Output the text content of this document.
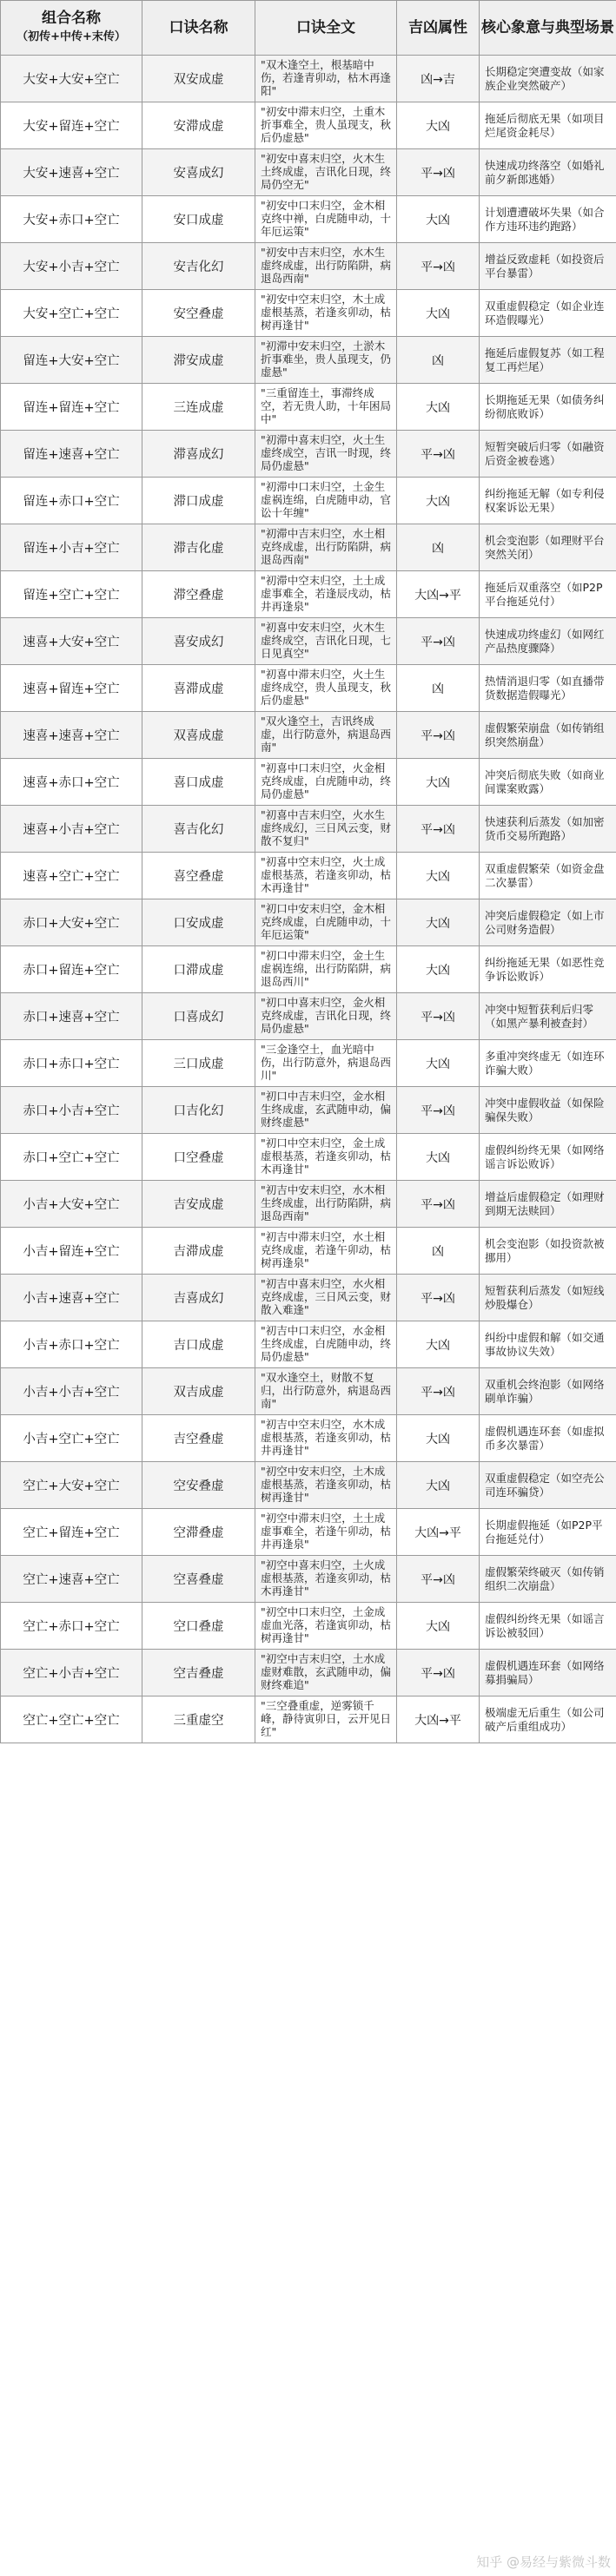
组合名称
（初传+中传+末传）	口诀名称	口诀全文	吉凶属性	核心象意与典型场景
大安+大安+空亡	双安成虚	"双木逢空土，根基暗中伤，若逢青卯动，枯木再逢阳"	凶→吉	长期稳定突遭变故（如家族企业突然破产）
大安+留连+空亡	安滞成虚	"初安中滞末归空，土重木折事难全，贵人虽现支，秋后仍虚悬"	大凶	拖延后彻底无果（如项目烂尾资金耗尽）
大安+速喜+空亡	安喜成幻	"初安中喜末归空，火木生土终成虚，吉讯化日现，终局仍空无"	平→凶	快速成功终落空（如婚礼前夕新郎逃婚）
大安+赤口+空亡	安口成虚	"初安中口末归空，金木相克终中禅，白虎随申动，十年厄运策"	大凶	计划遭遭破坏失果（如合作方违环违约跑路）
大安+小吉+空亡	安吉化幻	"初安中吉末归空，水木生虚终成虚，出行防陷阱，病退岛西南"	平→凶	增益反致虚耗（如投资后平台暴雷）
大安+空亡+空亡	安空叠虚	"初安中空末归空，木土成虚根基蒸，若逢亥卯动，枯树再逢甘"	大凶	双重虚假稳定（如企业连环造假曝光）
留连+大安+空亡	滞安成虚	"初滞中安末归空，土淤木折事难坐，贵人虽现支，仍虚悬"	凶	拖延后虚假复苏（如工程复工再烂尾）
留连+留连+空亡	三连成虚	"三重留连土，事滞终成空，若无贵人助，十年困局中"	大凶	长期拖延无果（如债务纠纷彻底败诉）
留连+速喜+空亡	滞喜成幻	"初滞中喜末归空，火土生虚终成空，吉讯一时现，终局仍虚悬"	平→凶	短暂突破后归零（如融资后资金被卷逃）
留连+赤口+空亡	滞口成虚	"初滞中口末归空，土金生虚祸连绵，白虎随申动，官讼十年缠"	大凶	纠纷拖延无解（如专利侵权案诉讼无果）
留连+小吉+空亡	滞吉化虚	"初滞中吉末归空，水土相克终成虚，出行防陷阱，病退岛西南"	凶	机会变泡影（如理财平台突然关闭）
留连+空亡+空亡	滞空叠虚	"初滞中空末归空，土土成虚事难全，若逢辰戌动，枯井再逢泉"	大凶→平	拖延后双重落空（如P2P平台拖延兑付）
速喜+大安+空亡	喜安成幻	"初喜中安末归空，火木生虚终成空，吉讯化日现，七日见真空"	平→凶	快速成功终虚幻（如网红产品热度骤降）
速喜+留连+空亡	喜滞成虚	"初喜中滞末归空，火土生虚终成空，贵人虽现支，秋后仍虚悬"	凶	热情消退归零（如直播带货数据造假曝光）
速喜+速喜+空亡	双喜成虚	"双火逢空土，吉讯终成虚，出行防意外，病退岛西南"	平→凶	虚假繁荣崩盘（如传销组织突然崩盘）
速喜+赤口+空亡	喜口成虚	"初喜中口末归空，火金相克终成虚，白虎随申动，终局仍虚悬"	大凶	冲突后彻底失败（如商业间谍案败露）
速喜+小吉+空亡	喜吉化幻	"初喜中吉末归空，火水生虚终成幻，三日风云变，财散不复归"	平→凶	快速获利后蒸发（如加密货币交易所跑路）
速喜+空亡+空亡	喜空叠虚	"初喜中空末归空，火土成虚根基蒸，若逢亥卯动，枯木再逢甘"	大凶	双重虚假繁荣（如资金盘二次暴雷）
赤口+大安+空亡	口安成虚	"初口中安末归空，金木相克终成虚，白虎随申动，十年厄运策"	大凶	冲突后虚假稳定（如上市公司财务造假）
赤口+留连+空亡	口滞成虚	"初口中滞末归空，金土生虚祸连绵，出行防陷阱，病退岛西川"	大凶	纠纷拖延无果（如恶性竞争诉讼败诉）
赤口+速喜+空亡	口喜成幻	"初口中喜末归空，金火相克终成虚，吉讯化日现，终局仍虚悬"	平→凶	冲突中短暂获利后归零（如黑产暴利被查封）
赤口+赤口+空亡	三口成虚	"三金逢空土，血光暗中伤，出行防意外，病退岛西川"	大凶	多重冲突终虚无（如连环诈骗大败）
赤口+小吉+空亡	口吉化幻	"初口中吉末归空，金水相生终成虚，玄武随申动，偏财终虚悬"	平→凶	冲突中虚假收益（如保险骗保失败）
赤口+空亡+空亡	口空叠虚	"初口中空末归空，金土成虚根基蒸，若逢亥卯动，枯木再逢甘"	大凶	虚假纠纷终无果（如网络谣言诉讼败诉）
小吉+大安+空亡	吉安成虚	"初吉中安末归空，水木相生终成虚，出行防陷阱，病退岛西南"	平→凶	增益后虚假稳定（如理财到期无法赎回）
小吉+留连+空亡	吉滞成虚	"初吉中滞末归空，水土相克终成虚，若逢午卯动，枯树再逢泉"	凶	机会变泡影（如投资款被挪用）
小吉+速喜+空亡	吉喜成幻	"初吉中喜末归空，水火相克终成虚，三日风云变，财散入难逢"	平→凶	短暂获利后蒸发（如短线炒股爆仓）
小吉+赤口+空亡	吉口成虚	"初吉中口末归空，水金相生终成虚，白虎随申动，终局仍虚悬"	大凶	纠纷中虚假和解（如交通事故协议失效）
小吉+小吉+空亡	双吉成虚	"双水逢空土，财散不复归，出行防意外，病退岛西南"	平→凶	双重机会终泡影（如网络刷单诈骗）
小吉+空亡+空亡	吉空叠虚	"初吉中空末归空，水木成虚根基蒸，若逢亥卯动，枯井再逢甘"	大凶	虚假机遇连环套（如虚拟币多次暴雷）
空亡+大安+空亡	空安叠虚	"初空中安末归空，土木成虚根基蒸，若逢亥卯动，枯树再逢甘"	大凶	双重虚假稳定（如空壳公司连环骗贷）
空亡+留连+空亡	空滞叠虚	"初空中滞末归空，土土成虚事难全，若逢午卯动，枯井再逢泉"	大凶→平	长期虚假拖延（如P2P平台拖延兑付）
空亡+速喜+空亡	空喜叠虚	"初空中喜末归空，土火成虚根基蒸，若逢亥卯动，枯木再逢甘"	平→凶	虚假繁荣终破灭（如传销组织二次崩盘）
空亡+赤口+空亡	空口叠虚	"初空中口末归空，土金成虚血光落，若逢寅卯动，枯树再逢甘"	大凶	虚假纠纷终无果（如谣言诉讼被驳回）
空亡+小吉+空亡	空吉叠虚	"初空中吉末归空，土水成虚财难散，玄武随申动，偏财终难追"	平→凶	虚假机遇连环套（如网络募捐骗局）
空亡+空亡+空亡	三重虚空	"三空叠重虚，逆雾锁千峰，静待寅卯日，云开见日红"	大凶→平	极端虚无后重生（如公司破产后重组成功）
知乎 @易经与紫微斗数
